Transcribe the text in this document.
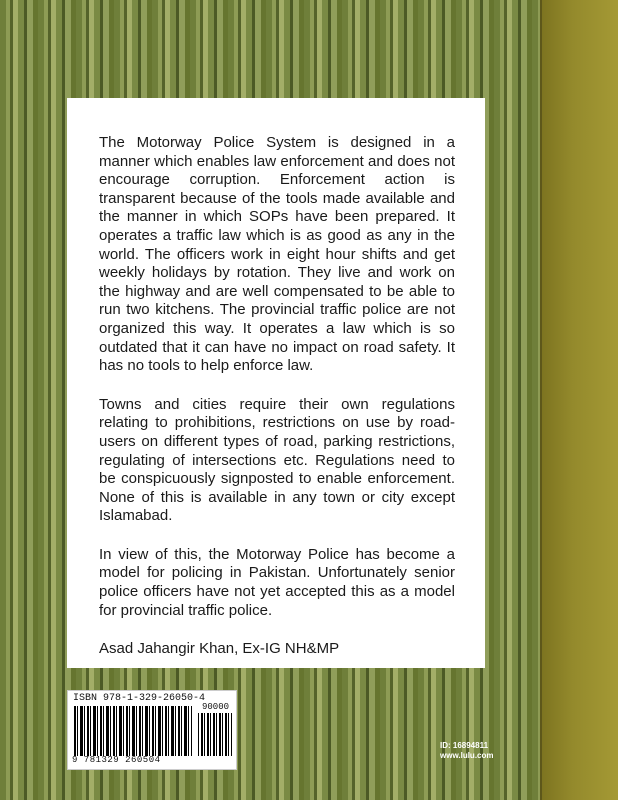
The Motorway Police System is designed in a manner which enables law enforcement and does not encourage corruption. Enforcement action is transparent because of the tools made available and the manner in which SOPs have been prepared. It operates a traffic law which is as good as any in the world. The officers work in eight hour shifts and get weekly holidays by rotation. They live and work on the highway and are well compensated to be able to run two kitchens. The provincial traffic police are not organized this way. It operates a law which is so outdated that it can have no impact on road safety. It has no tools to help enforce law.

Towns and cities require their own regulations relating to prohibitions, restrictions on use by road-users on different types of road, parking restrictions, regulating of intersections etc. Regulations need to be conspicuously signposted to enable enforcement. None of this is available in any town or city except Islamabad.

In view of this, the Motorway Police has become a model for policing in Pakistan. Unfortunately senior police officers have not yet accepted this as a model for provincial traffic police.

Asad Jahangir Khan, Ex-IG NH&MP

ISBN 978-1-329-26050-4
90000
9 781329 260504
ID: 16894811
www.lulu.com
